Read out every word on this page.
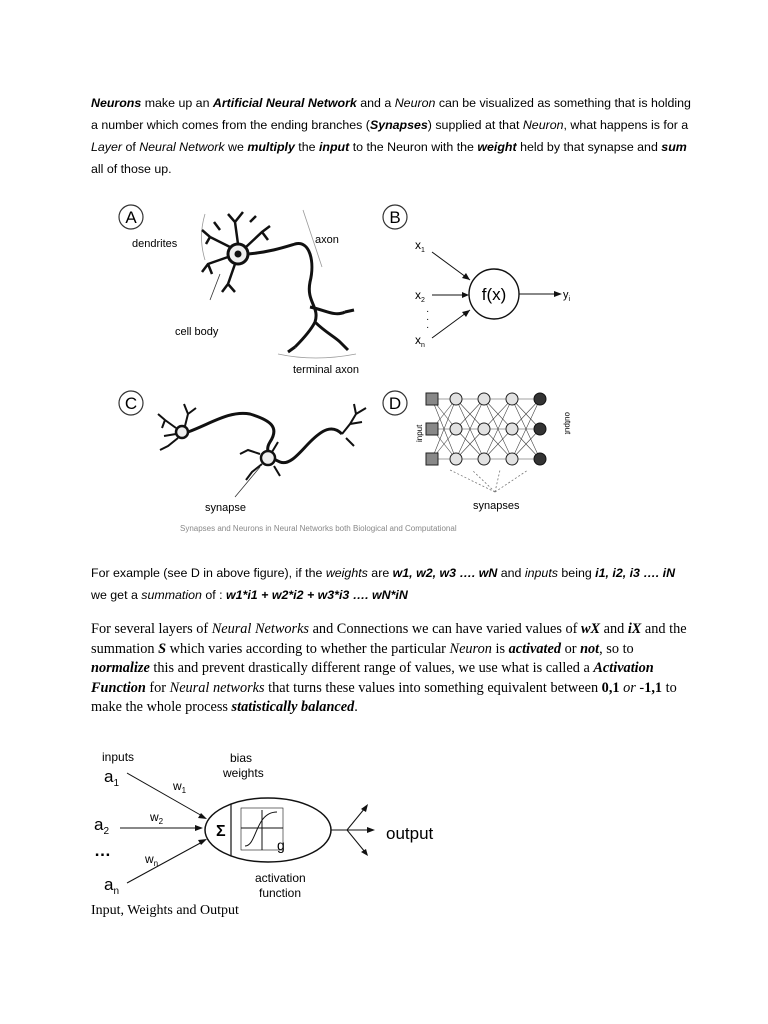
Neurons make up an Artificial Neural Network and a Neuron can be visualized as something that is holding a number which comes from the ending branches (Synapses) supplied at that Neuron, what happens is for a Layer of Neural Network we multiply the input to the Neuron with the weight held by that synapse and sum all of those up.
A
dendrites	axon
cell body
terminal axon
B
$x_1$
$x_2$
$x_n$
·
·
·
f(x)	$y_i$
C
synapse
D
input	output
synapses
Synapses and Neurons in Neural Networks both Biological and Computational
For example (see D in above figure), if the weights are w1, w2, w3 …. wN and inputs being i1, i2, i3 …. iN we get a summation of : w1*i1 + w2*i2 + w3*i3 …. wN*iN
For several layers of Neural Networks and Connections we can have varied values of wX and iX and the summation S which varies according to whether the particular Neuron is activated or not, so to normalize this and prevent drastically different range of values, we use what is called a Activation Function for Neural networks that turns these values into something equivalent between 0,1 or -1,1 to make the whole process statistically balanced.
inputs	bias
weights
$a_1$
$a_2$
…
$a_n$
$w_1$
$w_2$
$w_n$
Σ
g
output
activation
function
Input, Weights and Output
